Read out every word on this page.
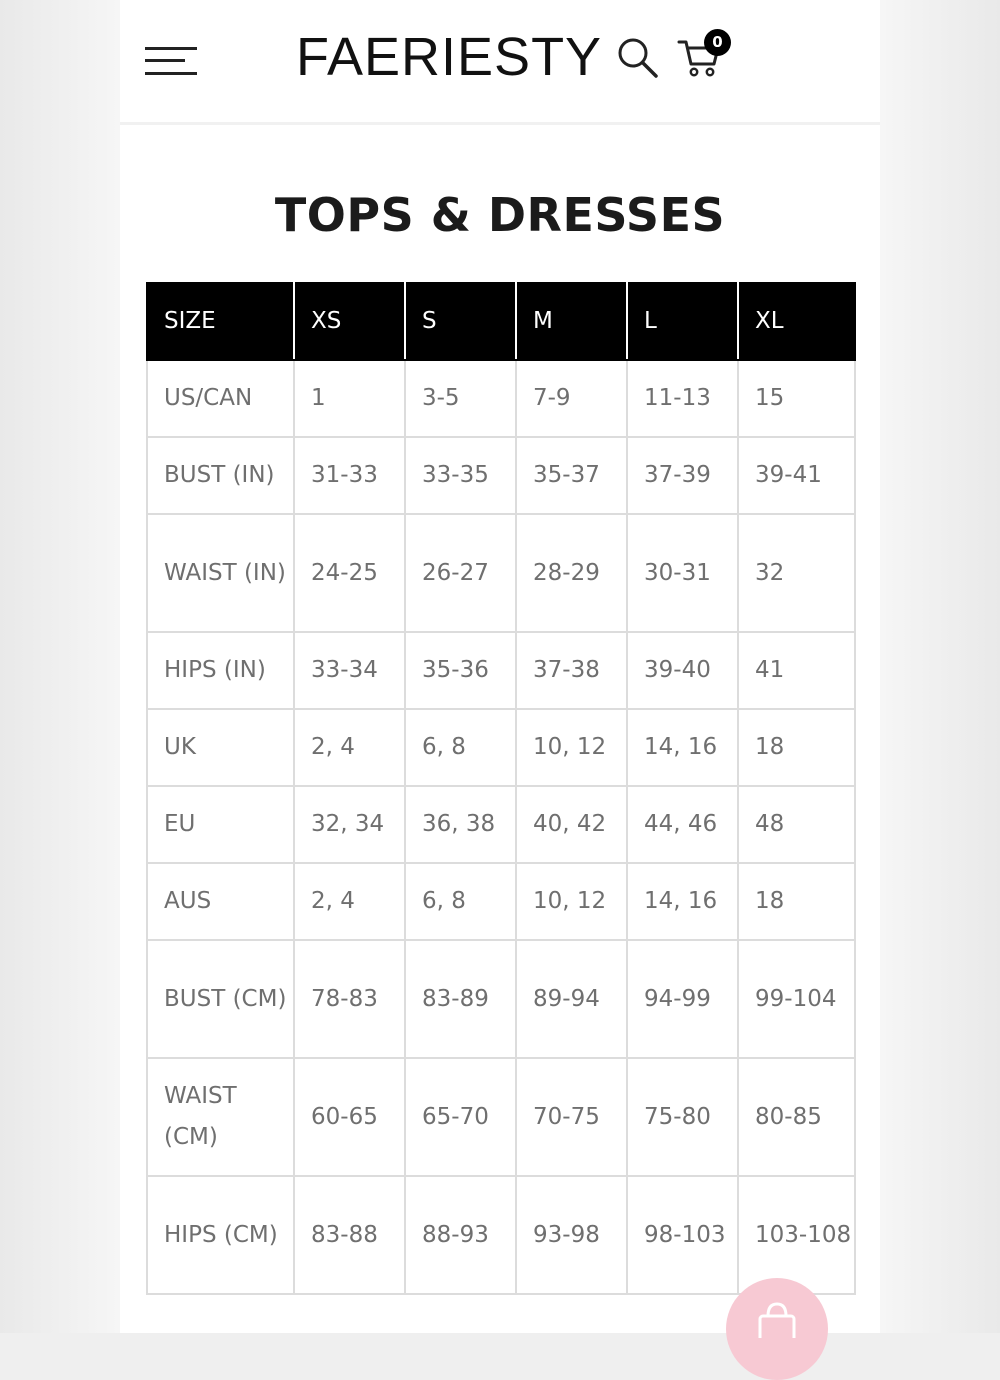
FAERIESTY	0
TOPS & DRESSES
SIZE	XS	S	M	L	XL
US/CAN	1	3-5	7-9	11-13	15
BUST (IN)	31-33	33-35	35-37	37-39	39-41
WAIST (IN)	24-25	26-27	28-29	30-31	32
HIPS (IN)	33-34	35-36	37-38	39-40	41
UK	2, 4	6, 8	10, 12	14, 16	18
EU	32, 34	36, 38	40, 42	44, 46	48
AUS	2, 4	6, 8	10, 12	14, 16	18
BUST (CM)	78-83	83-89	89-94	94-99	99-104
WAIST (CM)	60-65	65-70	70-75	75-80	80-85
HIPS (CM)	83-88	88-93	93-98	98-103	103-108
